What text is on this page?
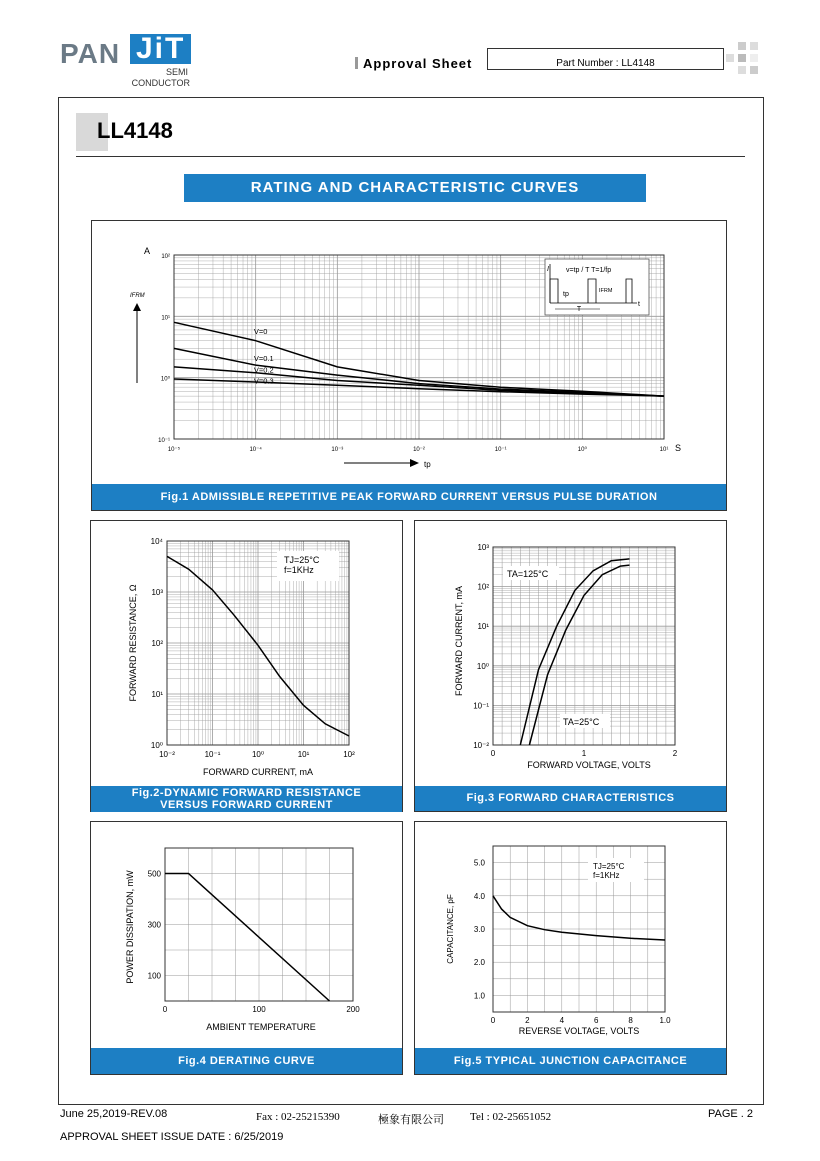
PAN JiT
SEMI
CONDUCTOR
Approval Sheet	Part Number : LL4148
LL4148
RATING AND CHARACTERISTIC CURVES
10⁻⁵	10⁻⁴	10⁻³	10⁻²	10⁻¹	10⁰	10¹
10⁻¹
10⁰
10¹
10²
V=0
V=0.1
V=0.2
V=0.3
A
S
IFRM
tp
v=tp / T T=1/fp
I
tp	IFRM
t
T
Fig.1 ADMISSIBLE REPETITIVE PEAK FORWARD CURRENT VERSUS PULSE DURATION
10⁻²	10⁻¹	10⁰	10¹	10²
10⁰
10¹
10²
10³
10⁴
TJ=25°C
f=1KHz
FORWARD CURRENT, mA
FORWARD RESISTANCE, Ω
Fig.2-DYNAMIC FORWARD RESISTANCE
VERSUS FORWARD CURRENT
0	1	2
10⁻²
10⁻¹
10⁰
10¹
10²
10³
TA=125°C
TA=25°C
FORWARD VOLTAGE, VOLTS
FORWARD CURRENT, mA
Fig.3 FORWARD CHARACTERISTICS
0	100	200
100
300
500
AMBIENT TEMPERATURE
POWER DISSIPATION, mW
Fig.4 DERATING CURVE
0	2	4	6	8	1.0
1.0
2.0
3.0
4.0
5.0	TJ=25°C
f=1KHz
REVERSE VOLTAGE, VOLTS
CAPACITANCE, pF
Fig.5 TYPICAL JUNCTION CAPACITANCE
June 25,2019-REV.08	Fax : 02-25215390	極象有限公司 Tel : 02-25651052	PAGE . 2
APPROVAL SHEET ISSUE DATE : 6/25/2019
